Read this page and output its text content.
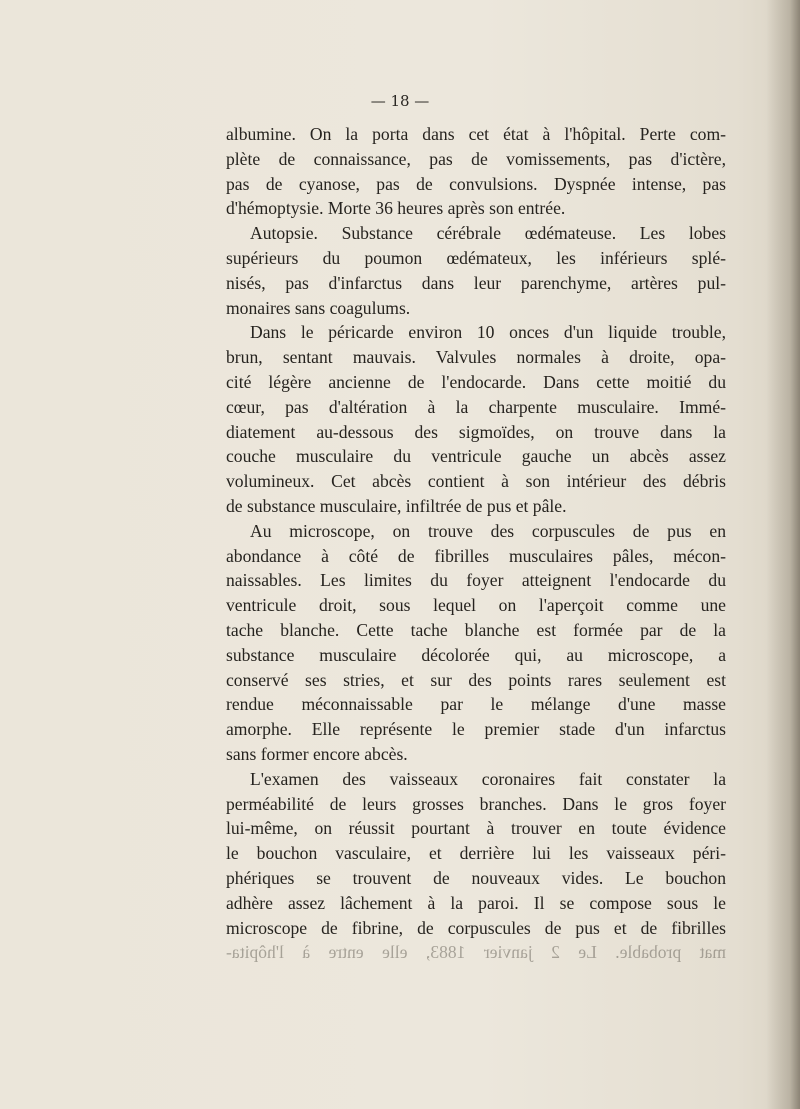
— 18 —
albumine. On la porta dans cet état à l'hôpital. Perte com-
plète de connaissance, pas de vomissements, pas d'ictère,
pas de cyanose, pas de convulsions. Dyspnée intense, pas
d'hémoptysie. Morte 36 heures après son entrée.
Autopsie. Substance cérébrale œdémateuse. Les lobes
supérieurs du poumon œdémateux, les inférieurs splé-
nisés, pas d'infarctus dans leur parenchyme, artères pul-
monaires sans coagulums.
Dans le péricarde environ 10 onces d'un liquide trouble,
brun, sentant mauvais. Valvules normales à droite, opa-
cité légère ancienne de l'endocarde. Dans cette moitié du
cœur, pas d'altération à la charpente musculaire. Immé-
diatement au-dessous des sigmoïdes, on trouve dans la
couche musculaire du ventricule gauche un abcès assez
volumineux. Cet abcès contient à son intérieur des débris
de substance musculaire, infiltrée de pus et pâle.
Au microscope, on trouve des corpuscules de pus en
abondance à côté de fibrilles musculaires pâles, mécon-
naissables. Les limites du foyer atteignent l'endocarde du
ventricule droit, sous lequel on l'aperçoit comme une
tache blanche. Cette tache blanche est formée par de la
substance musculaire décolorée qui, au microscope, a
conservé ses stries, et sur des points rares seulement est
rendue méconnaissable par le mélange d'une masse
amorphe. Elle représente le premier stade d'un infarctus
sans former encore abcès.
L'examen des vaisseaux coronaires fait constater la
perméabilité de leurs grosses branches. Dans le gros foyer
lui-même, on réussit pourtant à trouver en toute évidence
le bouchon vasculaire, et derrière lui les vaisseaux péri-
phériques se trouvent de nouveaux vides. Le bouchon
adhère assez lâchement à la paroi. Il se compose sous le
microscope de fibrine, de corpuscules de pus et de fibrilles
mat probable. Le 2 janvier 1883, elle entre à l'hôpita-
